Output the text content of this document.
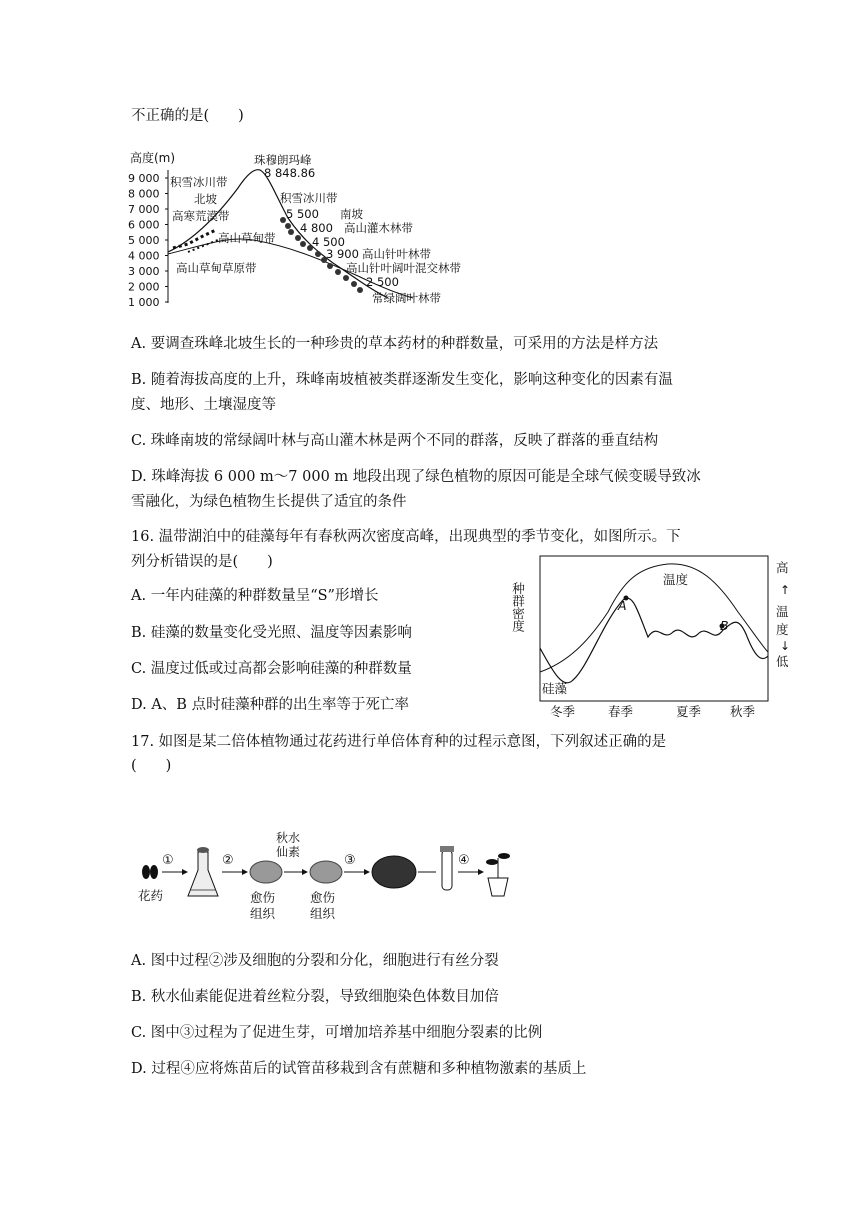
不正确的是(　　)
高度(m)
9 000
8 000
7 000
6 000
5 000
4 000
3 000
2 000
1 000
珠穆朗玛峰
8 848.86
积雪冰川带
北坡
高寒荒漠带
高山草甸带
高山草甸草原带
积雪冰川带
5 500 南坡
4 800 高山灌木林带
4 500
3 900 高山针叶林带
高山针叶阔叶混交林带
2 500
常绿阔叶林带
A. 要调查珠峰北坡生长的一种珍贵的草本药材的种群数量，可采用的方法是样方法
B. 随着海拔高度的上升，珠峰南坡植被类群逐渐发生变化，影响这种变化的因素有温
度、地形、土壤湿度等
C. 珠峰南坡的常绿阔叶林与高山灌木林是两个不同的群落，反映了群落的垂直结构
D. 珠峰海拔 6 000 m～7 000 m 地段出现了绿色植物的原因可能是全球气候变暖导致冰
雪融化，为绿色植物生长提供了适宜的条件
16. 温带湖泊中的硅藻每年有春秋两次密度高峰，出现典型的季节变化，如图所示。下
列分析错误的是(　　)
A. 一年内硅藻的种群数量呈“S”形增长
B. 硅藻的数量变化受光照、温度等因素影响
C. 温度过低或过高都会影响硅藻的种群数量
D. A、B 点时硅藻种群的出生率等于死亡率
种群密度	A
B
温度
硅藻
高
↑
温
度
↓
低
冬季	春季	夏季 秋季
17. 如图是某二倍体植物通过花药进行单倍体育种的过程示意图，下列叙述正确的是
(　　)
花药
①	②
愈伤
组织
秋水
仙素
愈伤
组织
③	④
A. 图中过程②涉及细胞的分裂和分化，细胞进行有丝分裂
B. 秋水仙素能促进着丝粒分裂，导致细胞染色体数目加倍
C. 图中③过程为了促进生芽，可增加培养基中细胞分裂素的比例
D. 过程④应将炼苗后的试管苗移栽到含有蔗糖和多种植物激素的基质上
